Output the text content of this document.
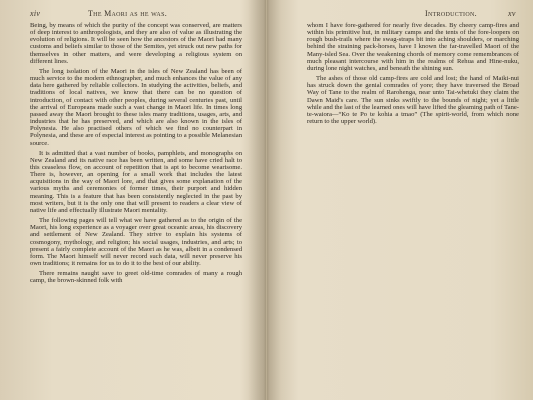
xiv	The Maori as he was.

Being, by means of which the purity of the concept was conserved, are matters of deep interest to anthropologists, and they are also of value as illustrating the evolution of religions. It will be seen how the ancestors of the Maori had many customs and beliefs similar to those of the Semites, yet struck out new paths for themselves in other matters, and were developing a religious system on different lines.

The long isolation of the Maori in the isles of New Zealand has been of much service to the modern ethnographer, and much enhances the value of any data here gathered by reliable collectors. In studying the activities, beliefs, and traditions of local natives, we know that there can be no question of introduction, of contact with other peoples, during several centuries past, until the arrival of Europeans made such a vast change in Maori life. In times long passed away the Maori brought to these isles many traditions, usages, arts, and industries that he has preserved, and which are also known in the isles of Polynesia. He also practised others of which we find no counterpart in Polynesia, and these are of especial interest as pointing to a possible Melanesian source.

It is admitted that a vast number of books, pamphlets, and monographs on New Zealand and its native race has been written, and some have cried halt to this ceaseless flow, on account of repetition that is apt to become wearisome. There is, however, an opening for a small work that includes the latest acquisitions in the way of Maori lore, and that gives some explanation of the various myths and ceremonies of former times, their purport and hidden meaning. This is a feature that has been consistently neglected in the past by most writers, but it is the only one that will present to readers a clear view of native life and effectually illustrate Maori mentality.

The following pages will tell what we have gathered as to the origin of the Maori, his long experience as a voyager over great oceanic areas, his discovery and settlement of New Zealand. They strive to explain his systems of cosmogony, mythology, and religion; his social usages, industries, and arts; to present a fairly complete account of the Maori as he was, albeit in a condensed form. The Maori himself will never record such data, will never preserve his own traditions; it remains for us to do it to the best of our ability.

There remains naught save to greet old-time comrades of many a rough camp, the brown-skinned folk with

Introduction.	xv

whom I have fore-gathered for nearly five decades. By cheery camp-fires and within his primitive hut, in military camps and the tents of the fore-loopers on rough bush-trails where the swag-straps bit into aching shoulders, or marching behind the straining pack-horses, have I known the far-travelled Maori of the Many-isled Sea. Over the weakening chords of memory come remembrances of much pleasant intercourse with him in the realms of Rehua and Hine-nuku, during lone night watches, and beneath the shining sun.

The ashes of those old camp-fires are cold and lost; the hand of Maiki-nui has struck down the genial comrades of yore; they have traversed the Broad Way of Tane to the realm of Rarohenga, near unto Tai-whetuki they claim the Dawn Maid's care. The sun sinks swiftly to the bounds of night; yet a little while and the last of the learned ones will have lifted the gleaming path of Tane-te-waiora—“Ko te Po te kohia a tmao” (The spirit-world, from which none return to the upper world).
